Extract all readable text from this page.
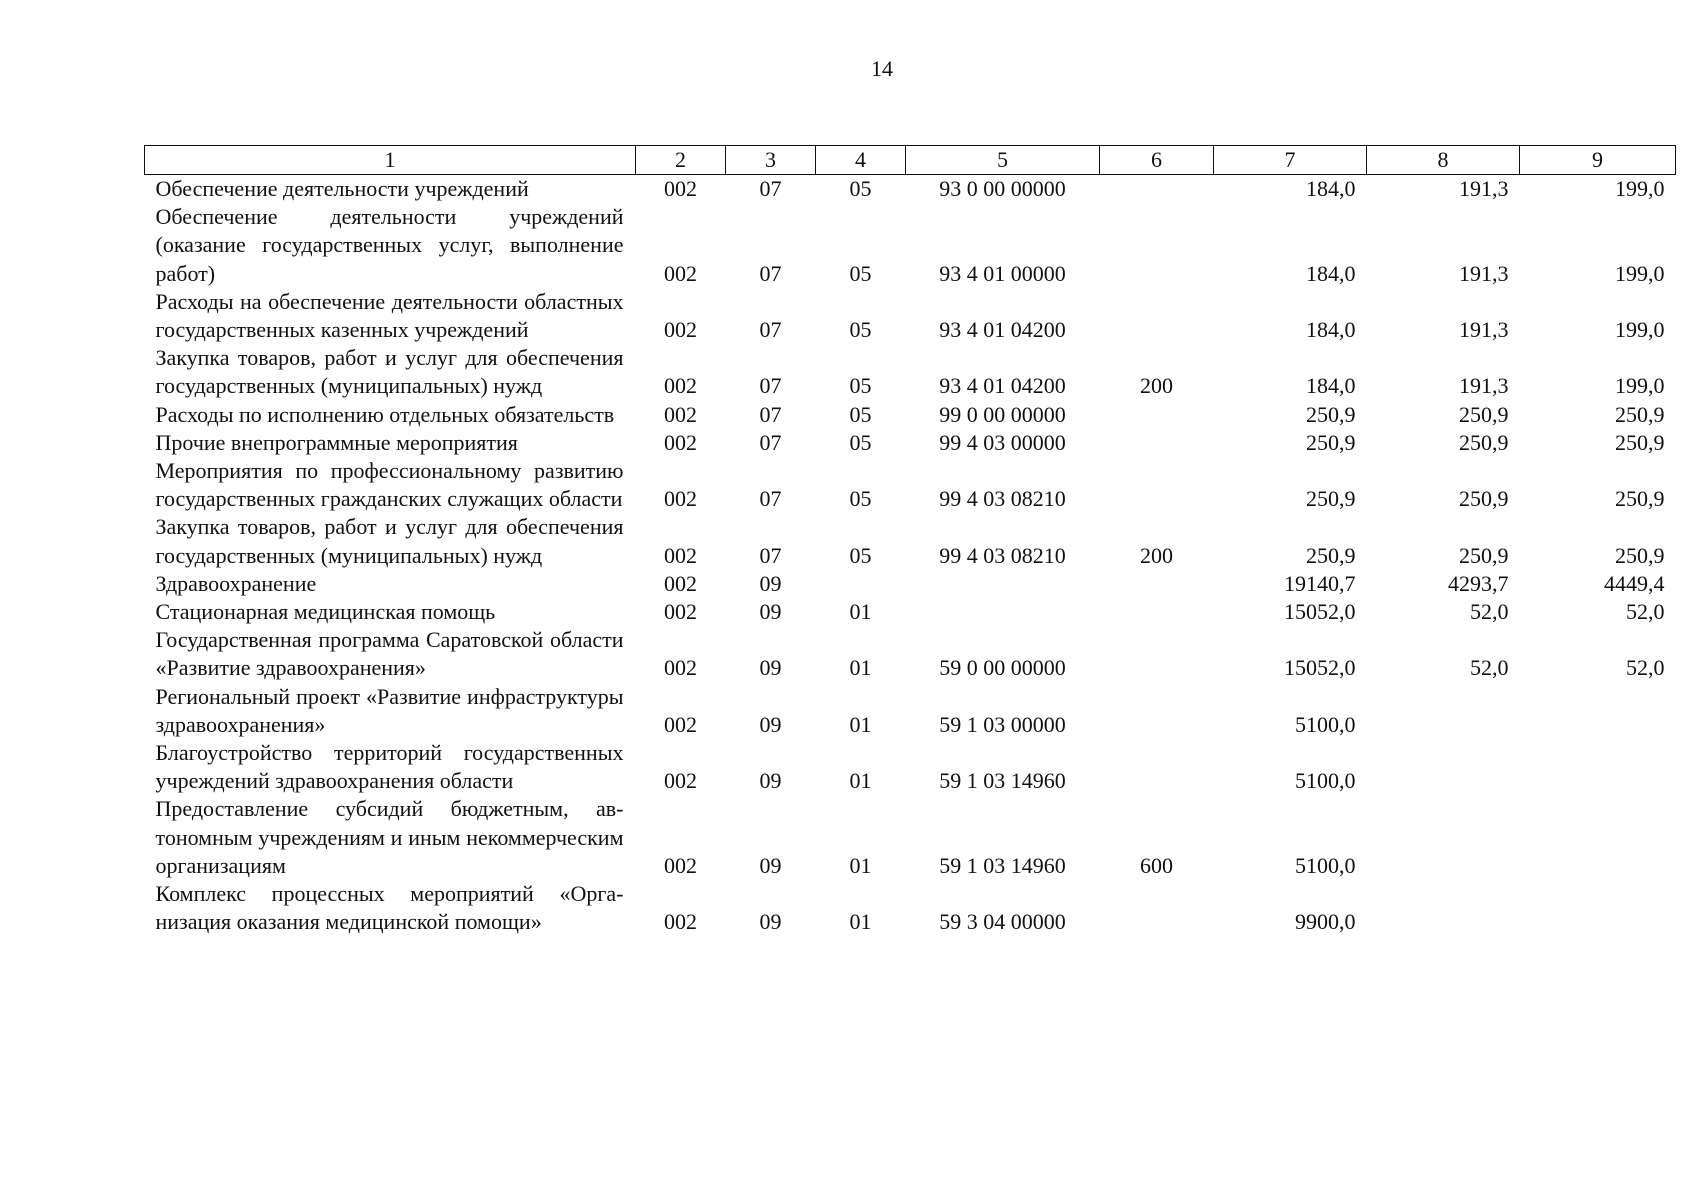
14
1	2	3	4	5	6	7	8	9
Обеспечение деятельности учреждений	002	07	05	93 0 00 00000		184,0	191,3	199,0
Обеспечение деятельности учреждений (оказание государственных услуг, выполнение работ)	002	07	05	93 4 01 00000		184,0	191,3	199,0
Расходы на обеспечение деятельности областных государственных казенных учреждений	002	07	05	93 4 01 04200		184,0	191,3	199,0
Закупка товаров, работ и услуг для обеспечения государственных (муниципальных) нужд	002	07	05	93 4 01 04200	200	184,0	191,3	199,0
Расходы по исполнению отдельных обязательств	002	07	05	99 0 00 00000		250,9	250,9	250,9
Прочие внепрограммные мероприятия	002	07	05	99 4 03 00000		250,9	250,9	250,9
Мероприятия по профессиональному развитию государственных гражданских служащих области	002	07	05	99 4 03 08210		250,9	250,9	250,9
Закупка товаров, работ и услуг для обеспечения государственных (муниципальных) нужд	002	07	05	99 4 03 08210	200	250,9	250,9	250,9
Здравоохранение	002	09				19140,7	4293,7	4449,4
Стационарная медицинская помощь	002	09	01			15052,0	52,0	52,0
Государственная программа Саратовской области «Развитие здравоохранения»	002	09	01	59 0 00 00000		15052,0	52,0	52,0
Региональный проект «Развитие инфраструктуры здравоохранения»	002	09	01	59 1 03 00000		5100,0		
Благоустройство территорий государственных учреждений здравоохранения области	002	09	01	59 1 03 14960		5100,0		
Предоставление субсидий бюджетным, автономным учреждениям и иным некоммерческим организациям	002	09	01	59 1 03 14960	600	5100,0		
Комплекс процессных мероприятий «Организация оказания медицинской помощи»	002	09	01	59 3 04 00000		9900,0		
